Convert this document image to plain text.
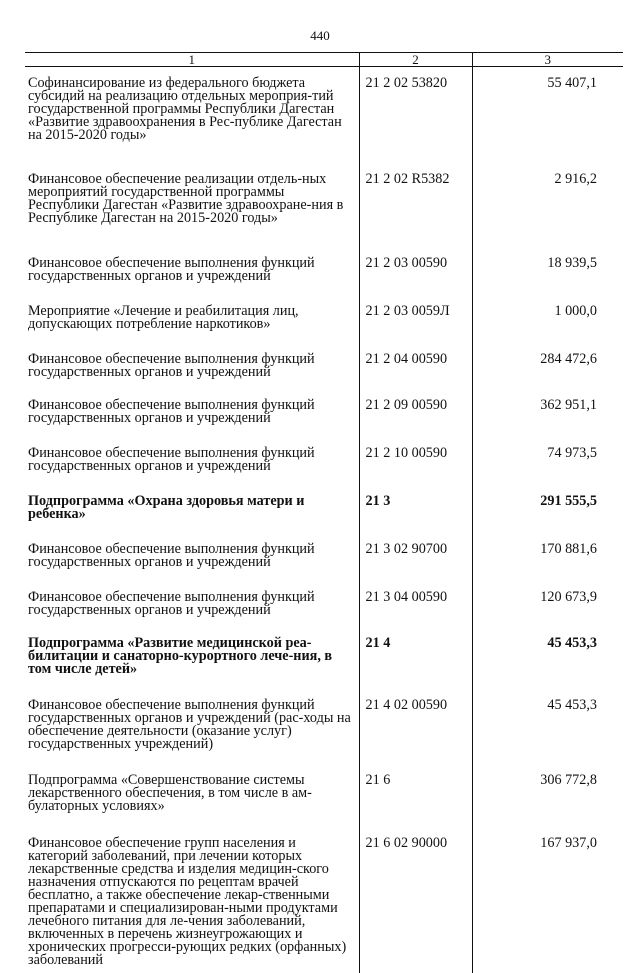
440
1	2	3
Софинансирование из федерального бюджета субсидий на реализацию отдельных мероприя-тий государственной программы Республики Дагестан «Развитие здравоохранения в Рес-публике Дагестан на 2015-2020 годы»	21 2 02 53820	55 407,1
Финансовое обеспечение реализации отдель-ных мероприятий государственной программы Республики Дагестан «Развитие здравоохране-ния в Республике Дагестан на 2015-2020 годы»	21 2 02 R5382	2 916,2
Финансовое обеспечение выполнения функций государственных органов и учреждений	21 2 03 00590	18 939,5
Мероприятие «Лечение и реабилитация лиц, допускающих потребление наркотиков»	21 2 03 0059Л	1 000,0
Финансовое обеспечение выполнения функций государственных органов и учреждений	21 2 04 00590	284 472,6
Финансовое обеспечение выполнения функций государственных органов и учреждений	21 2 09 00590	362 951,1
Финансовое обеспечение выполнения функций государственных органов и учреждений	21 2 10 00590	74 973,5
Подпрограмма «Охрана здоровья матери и ребенка»	21 3	291 555,5
Финансовое обеспечение выполнения функций государственных органов и учреждений	21 3 02 90700	170 881,6
Финансовое обеспечение выполнения функций государственных органов и учреждений	21 3 04 00590	120 673,9
Подпрограмма «Развитие медицинской реа-билитации и санаторно-курортного лече-ния, в том числе детей»	21 4	45 453,3
Финансовое обеспечение выполнения функций государственных органов и учреждений (рас-ходы на обеспечение деятельности (оказание услуг) государственных учреждений)	21 4 02 00590	45 453,3
Подпрограмма «Совершенствование системы лекарственного обеспечения, в том числе в ам-булаторных условиях»	21 6	306 772,8
Финансовое обеспечение групп населения и категорий заболеваний, при лечении которых лекарственные средства и изделия медицин-ского назначения отпускаются по рецептам врачей бесплатно, а также обеспечение лекар-ственными препаратами и специализирован-ными продуктами лечебного питания для ле-чения заболеваний, включенных в перечень жизнеугрожающих и хронических прогресси-рующих редких (орфанных) заболеваний	21 6 02 90000	167 937,0
